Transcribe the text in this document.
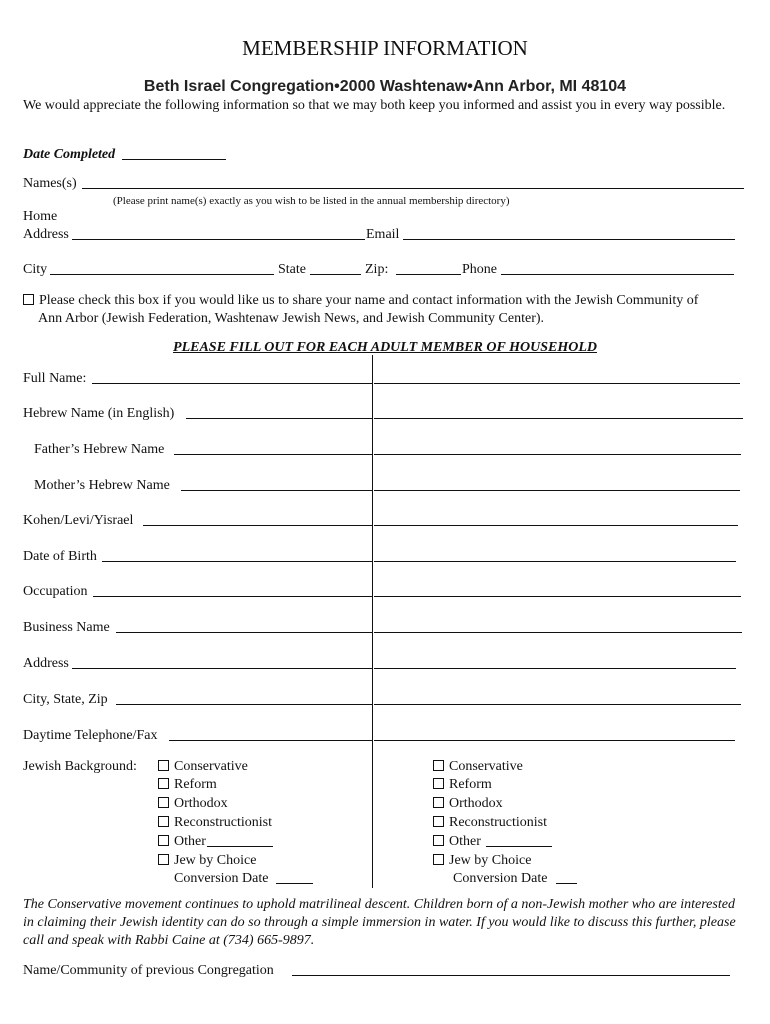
MEMBERSHIP INFORMATION
Beth Israel Congregation•2000 Washtenaw•Ann Arbor, MI 48104
We would appreciate the following information so that we may both keep you informed and assist you in every way possible.
Date Completed
Names(s)
(Please print name(s) exactly as you wish to be listed in the annual membership directory)
Home
Address	Email
City	State	Zip:	Phone
Please check this box if you would like us to share your name and contact information with the Jewish Community of
Ann Arbor (Jewish Federation, Washtenaw Jewish News, and Jewish Community Center).
PLEASE FILL OUT FOR EACH ADULT MEMBER OF HOUSEHOLD
Full Name:
Hebrew Name (in English)
Father’s Hebrew Name
Mother’s Hebrew Name
Kohen/Levi/Yisrael
Date of Birth
Occupation
Business Name
Address
City, State, Zip
Daytime Telephone/Fax
Jewish Background:	Conservative
Reform
Orthodox
Reconstructionist
Other
Jew by Choice
Conversion Date
Conservative
Reform
Orthodox
Reconstructionist
Other
Jew by Choice
Conversion Date
The Conservative movement continues to uphold matrilineal descent. Children born of a non-Jewish mother who are interested in claiming their Jewish identity can do so through a simple immersion in water. If you would like to discuss this further, please call and speak with Rabbi Caine at (734) 665-9897.
Name/Community of previous Congregation
